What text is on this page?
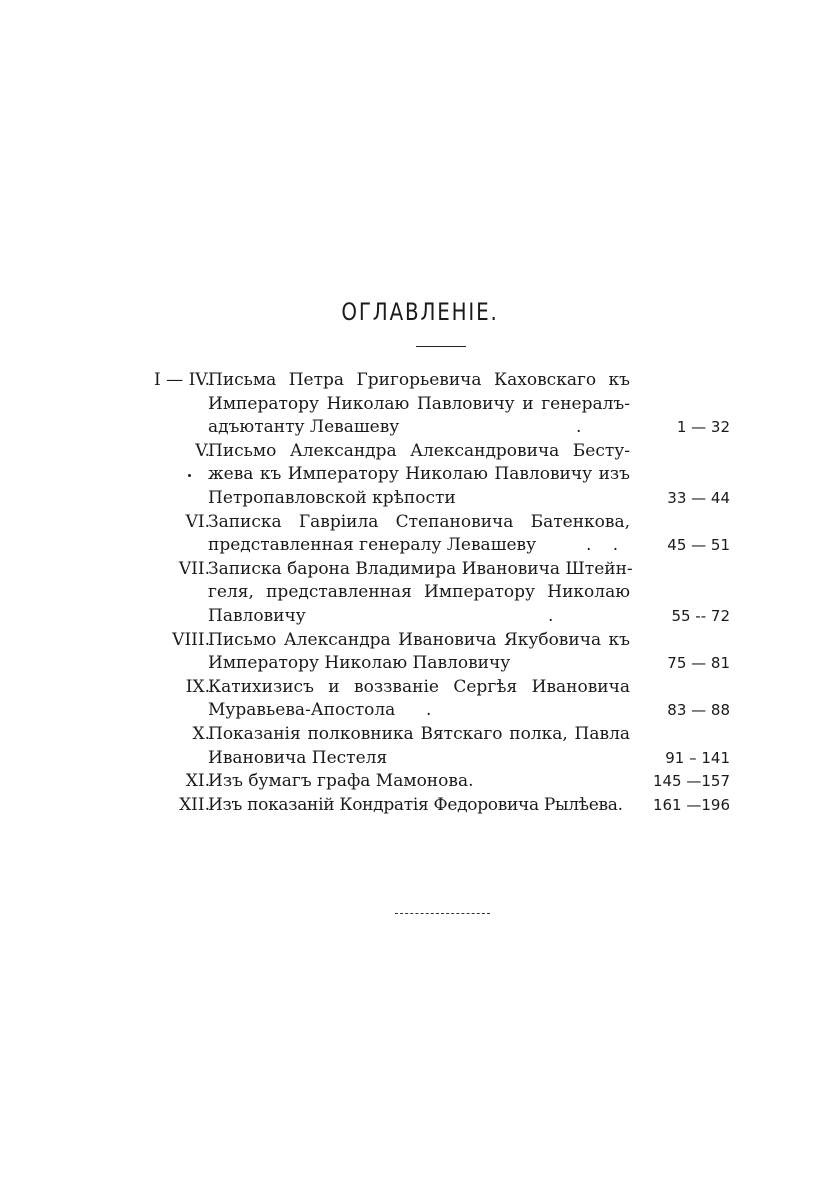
ОГЛАВЛЕНІЕ.
I — IV.
Письма Петра Григорьевича Каховскаго къ
Императору Николаю Павловичу и генералъ-
адъютанту Левашеву	.	1 — 32
V.
Письмо Александра Александровича Бесту-
жева къ Императору Николаю Павловичу изъ
Петропавловской крѣпости	33 — 44
VI.
Записка Гаврiила Степановича Батенкова,
представленная генералу Левашеву	. .	45 — 51
VII.
Записка барона Владимира Ивановича Штейн-
геля, представленная Императору Николаю
Павловичу	.	55 -- 72
VIII.
Письмо Александра Ивановича Якубовича къ
Императору Николаю Павловичу	75 — 81
IX.
Катихизисъ и воззванiе Сергѣя Ивановича
Муравьева-Апостола	.	83 — 88
X.
Показанiя полковника Вятскаго полка, Павла
Ивановича Пестеля	91 – 141
XI.
Изъ бумагъ графа Мамонова.	145 —157
XII.
Изъ показанiй Кондратiя Федоровича Рылѣева.	161 —196
